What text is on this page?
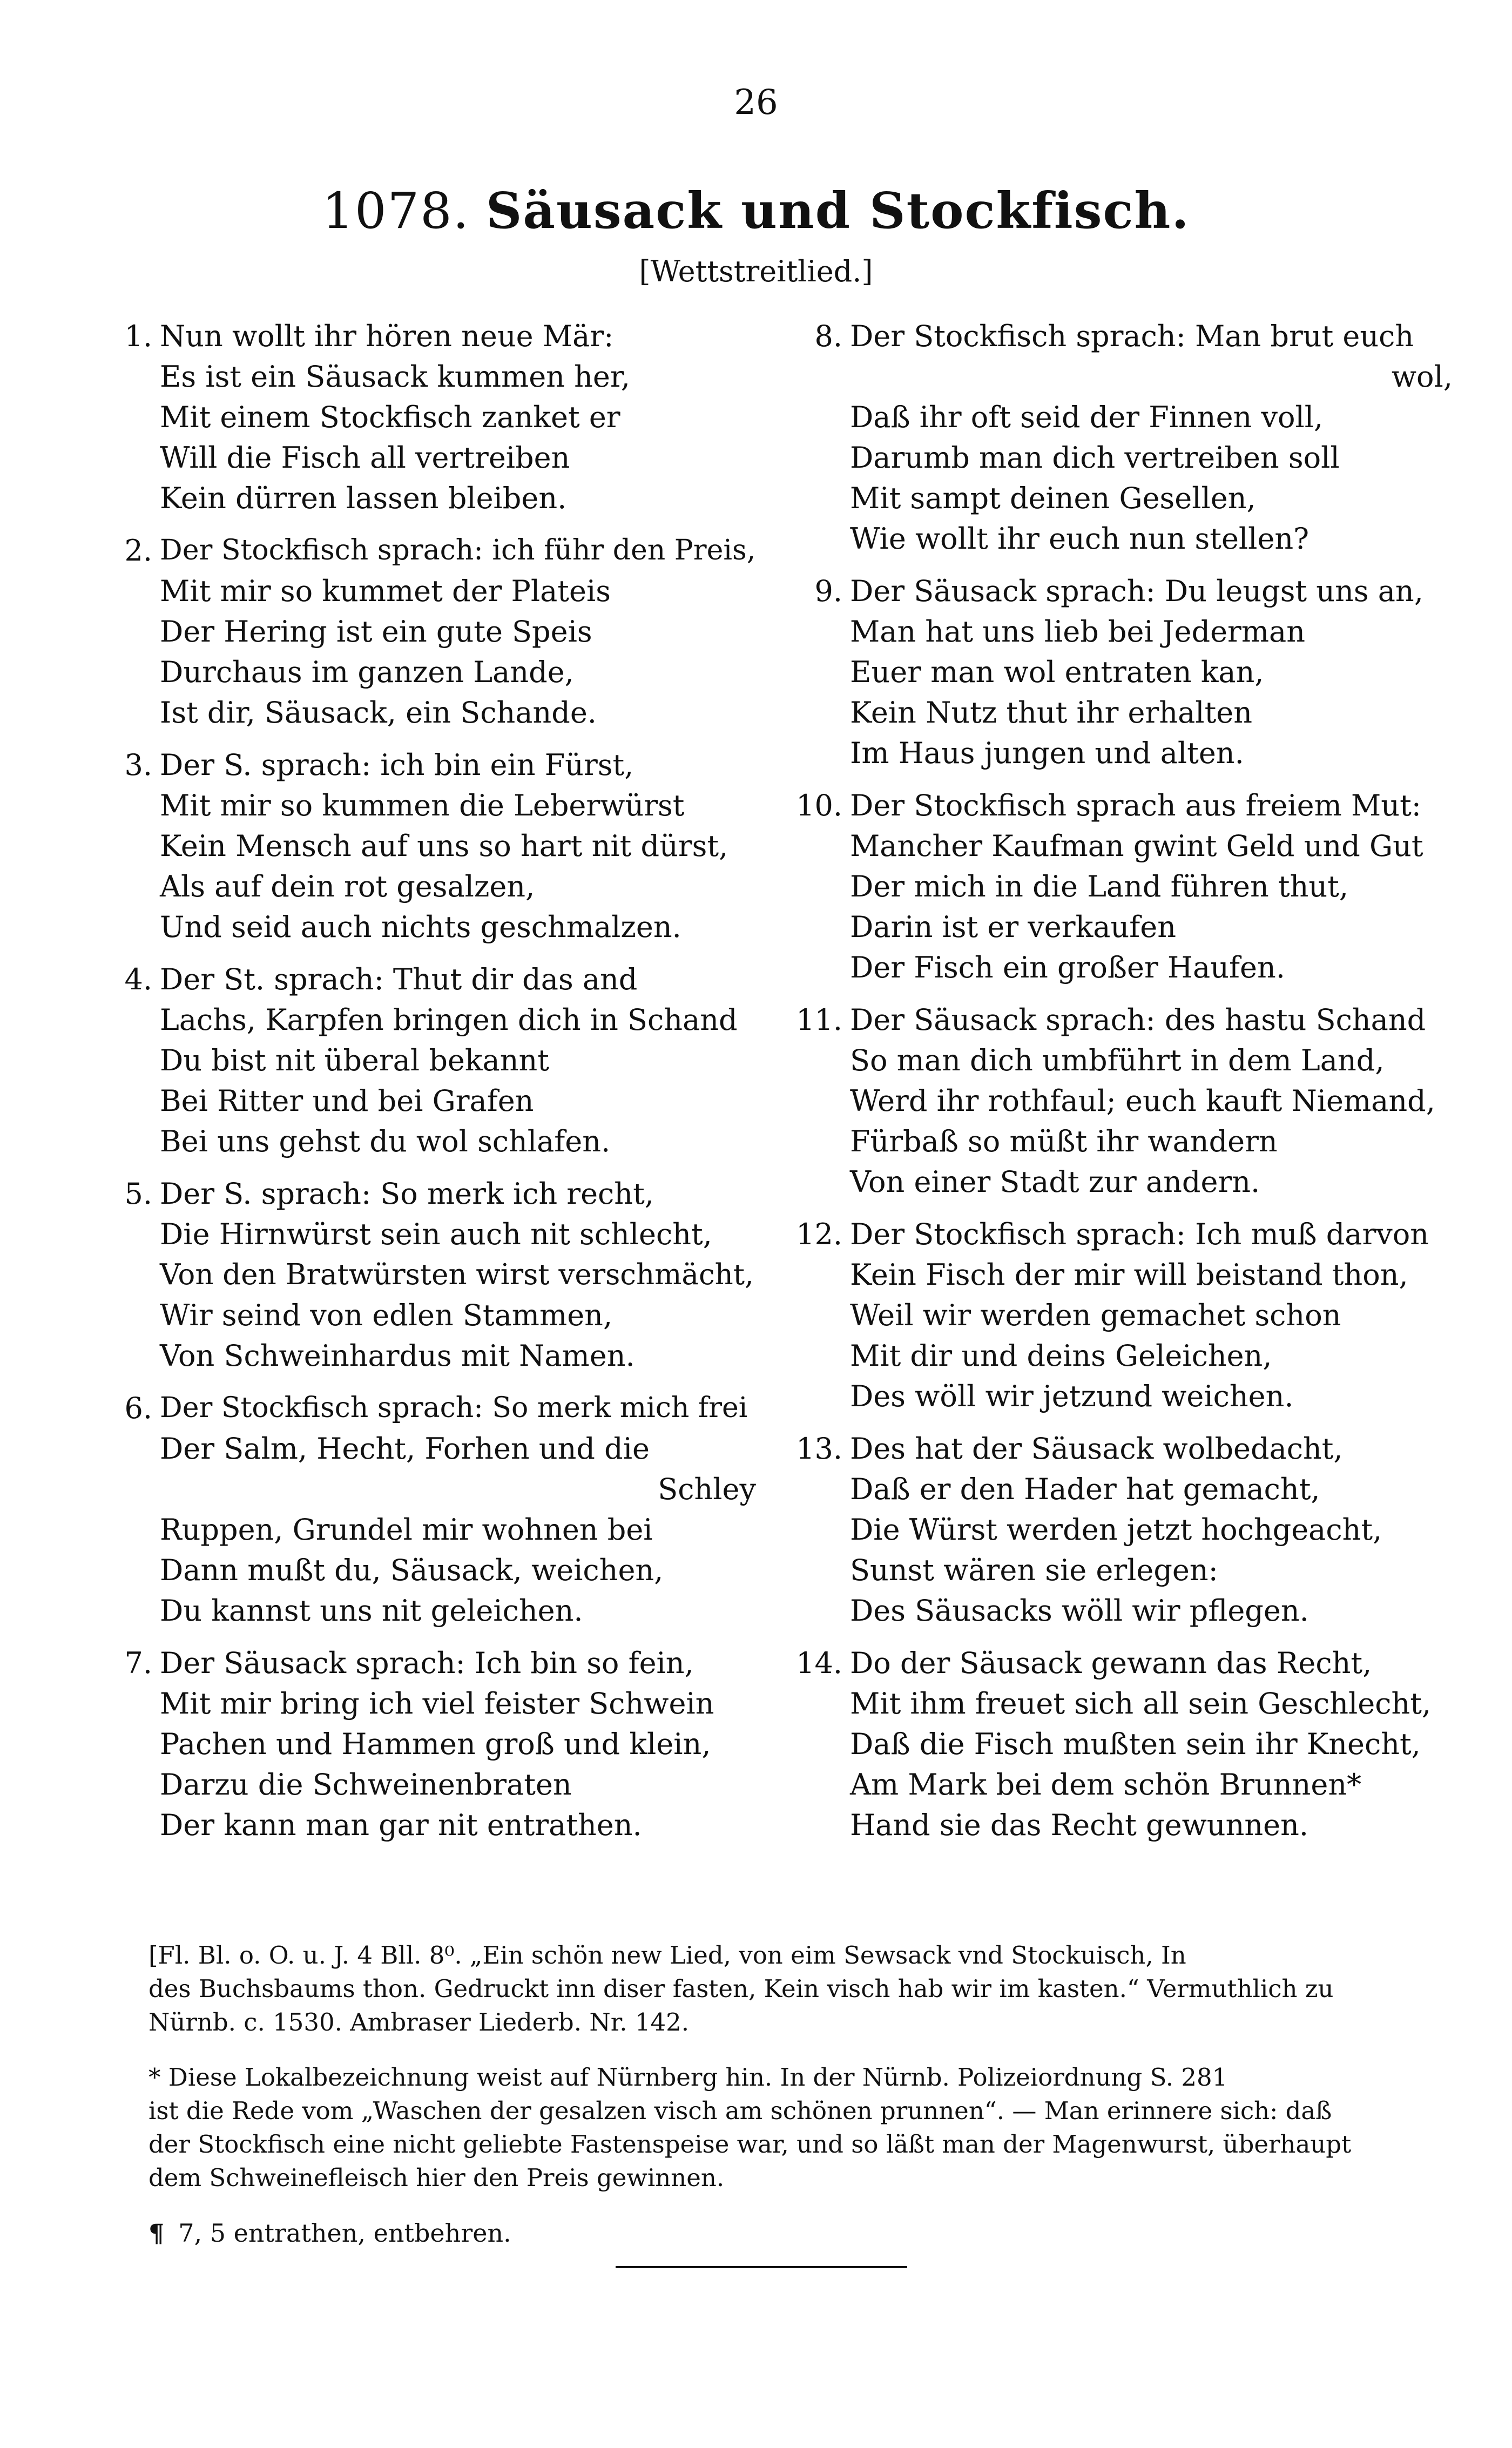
26
1078. Säusack und Stockfisch.
[Wettstreitlied.]
1. Nun wollt ihr hören neue Mär:
Es ist ein Säusack kummen her,
Mit einem Stockfisch zanket er
Will die Fisch all vertreiben
Kein dürren lassen bleiben.
2. Der Stockfisch sprach: ich führ den Preis,
Mit mir so kummet der Plateis
Der Hering ist ein gute Speis
Durchaus im ganzen Lande,
Ist dir, Säusack, ein Schande.
3. Der S. sprach: ich bin ein Fürst,
Mit mir so kummen die Leberwürst
Kein Mensch auf uns so hart nit dürst,
Als auf dein rot gesalzen,
Und seid auch nichts geschmalzen.
4. Der St. sprach: Thut dir das and
Lachs, Karpfen bringen dich in Schand
Du bist nit überal bekannt
Bei Ritter und bei Grafen
Bei uns gehst du wol schlafen.
5. Der S. sprach: So merk ich recht,
Die Hirnwürst sein auch nit schlecht,
Von den Bratwürsten wirst verschmächt,
Wir seind von edlen Stammen,
Von Schweinhardus mit Namen.
6. Der Stockfisch sprach: So merk mich frei
Der Salm, Hecht, Forhen und die
Schley
Ruppen, Grundel mir wohnen bei
Dann mußt du, Säusack, weichen,
Du kannst uns nit geleichen.
7. Der Säusack sprach: Ich bin so fein,
Mit mir bring ich viel feister Schwein
Pachen und Hammen groß und klein,
Darzu die Schweinenbraten
Der kann man gar nit entrathen.
8. Der Stockfisch sprach: Man brut euch
wol,
Daß ihr oft seid der Finnen voll,
Darumb man dich vertreiben soll
Mit sampt deinen Gesellen,
Wie wollt ihr euch nun stellen?
9. Der Säusack sprach: Du leugst uns an,
Man hat uns lieb bei Jederman
Euer man wol entraten kan,
Kein Nutz thut ihr erhalten
Im Haus jungen und alten.
10. Der Stockfisch sprach aus freiem Mut:
Mancher Kaufman gwint Geld und Gut
Der mich in die Land führen thut,
Darin ist er verkaufen
Der Fisch ein großer Haufen.
11. Der Säusack sprach: des hastu Schand
So man dich umbführt in dem Land,
Werd ihr rothfaul; euch kauft Niemand,
Fürbaß so müßt ihr wandern
Von einer Stadt zur andern.
12. Der Stockfisch sprach: Ich muß darvon
Kein Fisch der mir will beistand thon,
Weil wir werden gemachet schon
Mit dir und deins Geleichen,
Des wöll wir jetzund weichen.
13. Des hat der Säusack wolbedacht,
Daß er den Hader hat gemacht,
Die Würst werden jetzt hochgeacht,
Sunst wären sie erlegen:
Des Säusacks wöll wir pflegen.
14. Do der Säusack gewann das Recht,
Mit ihm freuet sich all sein Geschlecht,
Daß die Fisch mußten sein ihr Knecht,
Am Mark bei dem schön Brunnen*
Hand sie das Recht gewunnen.
[Fl. Bl. o. O. u. J. 4 Bll. 8⁰. „Ein schön new Lied, von eim Sewsack vnd Stockuisch, In
des Buchsbaums thon. Gedruckt inn diser fasten, Kein visch hab wir im kasten.“ Vermuthlich zu
Nürnb. c. 1530. Ambraser Liederb. Nr. 142.
* Diese Lokalbezeichnung weist auf Nürnberg hin. In der Nürnb. Polizeiordnung S. 281
ist die Rede vom „Waschen der gesalzen visch am schönen prunnen“. — Man erinnere sich: daß
der Stockfisch eine nicht geliebte Fastenspeise war, und so läßt man der Magenwurst, überhaupt
dem Schweinefleisch hier den Preis gewinnen.
¶ 7, 5 entrathen, entbehren.
